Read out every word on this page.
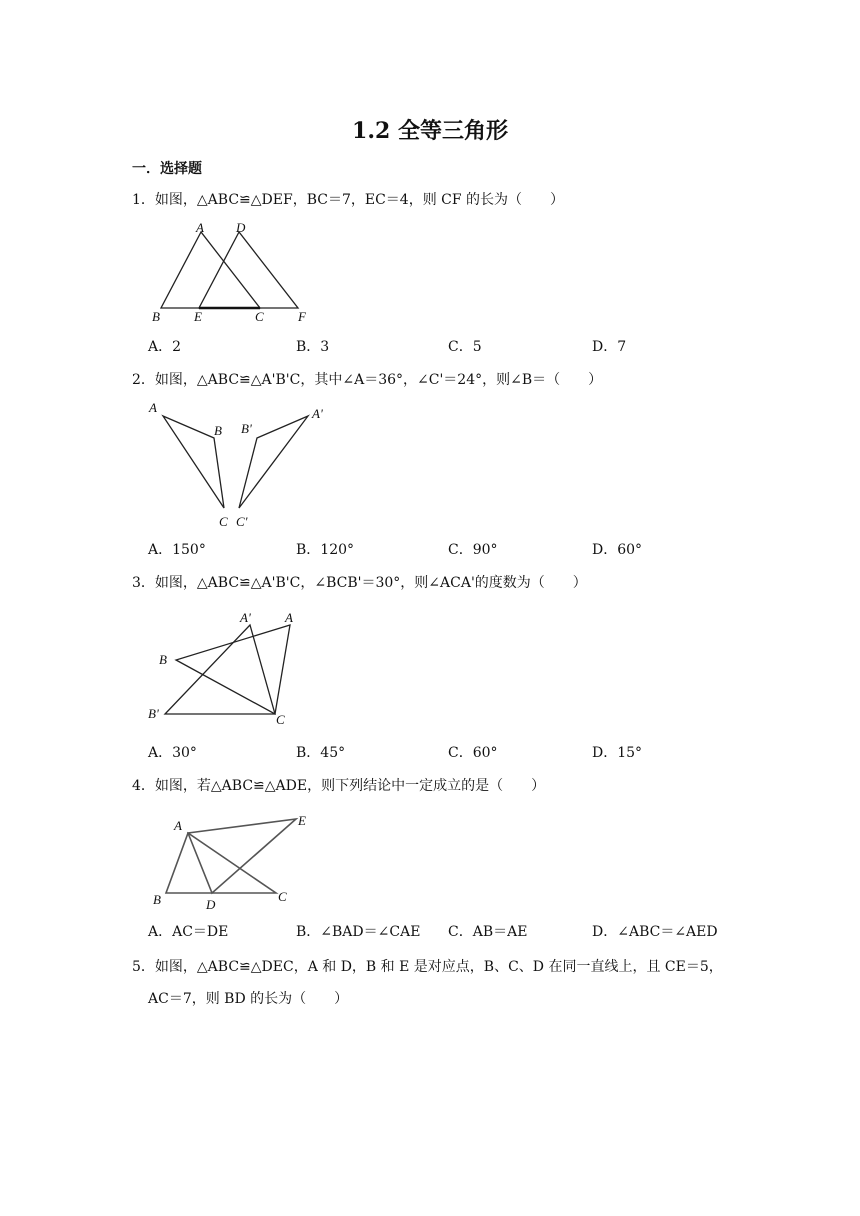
1.2 全等三角形
一．选择题
1．如图，△ABC≌△DEF，BC＝7，EC＝4，则 CF 的长为（　　）
A D
B	E	C	F
A．2	B．3	C．5	D．7
2．如图，△ABC≌△A'B'C，其中∠A＝36°，∠C'＝24°，则∠B＝（　　）
A
B B'
A'
C C'
A．150°	B．120°	C．90°	D．60°
3．如图，△ABC≌△A'B'C，∠BCB'＝30°，则∠ACA'的度数为（　　）
A'	A
B
B'	C
A．30°	B．45°	C．60°	D．15°
4．如图，若△ABC≌△ADE，则下列结论中一定成立的是（　　）
A	E
B	D
C
A．AC＝DE	B．∠BAD＝∠CAE C．AB＝AE	D．∠ABC＝∠AED
5．如图，△ABC≌△DEC，A 和 D，B 和 E 是对应点，B、C、D 在同一直线上，且 CE＝5，
AC＝7，则 BD 的长为（　　）
